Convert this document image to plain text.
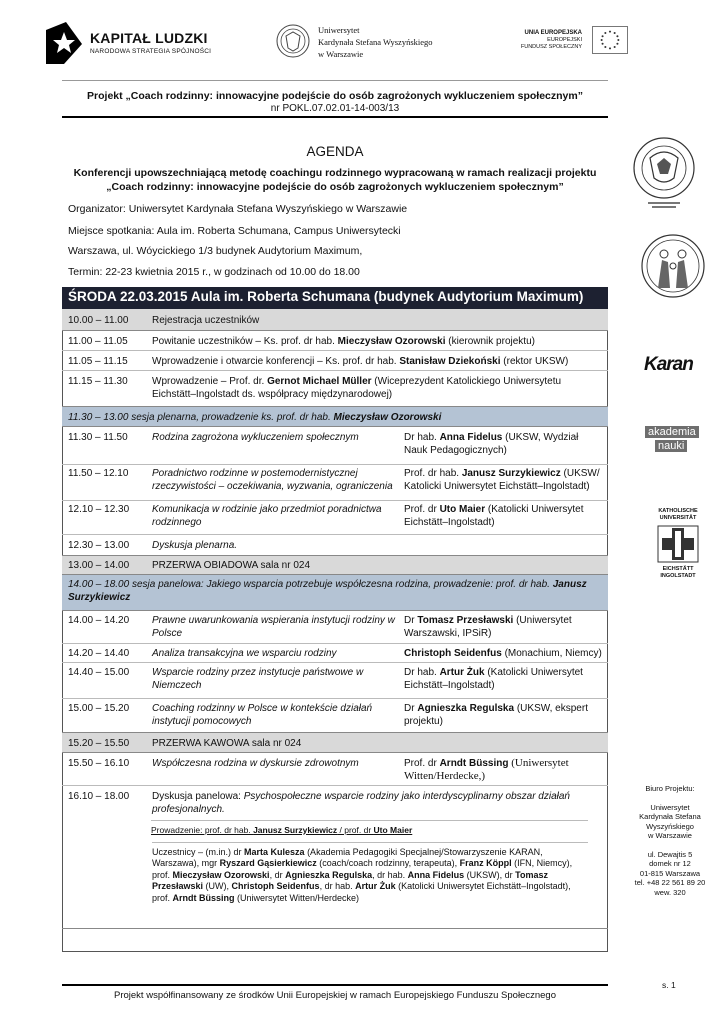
KAPITAŁ LUDZKI
NARODOWA STRATEGIA SPÓJNOŚCI
Uniwersytet
Kardynała Stefana Wyszyńskiego
w Warszawie
UNIA EUROPEJSKA
EUROPEJSKI
FUNDUSZ SPOŁECZNY
Projekt „Coach rodzinny: innowacyjne podejście do osób zagrożonych wykluczeniem społecznym”
nr POKL.07.02.01-14-003/13
AGENDA
Konferencji upowszechniającą metodę coachingu rodzinnego wypracowaną w ramach realizacji projektu
„Coach rodzinny: innowacyjne podejście do osób zagrożonych wykluczeniem społecznym”
Organizator: Uniwersytet Kardynała Stefana Wyszyńskiego w Warszawie
Miejsce spotkania: Aula im. Roberta Schumana, Campus Uniwersytecki
Warszawa, ul. Wóycickiego 1/3 budynek Audytorium Maximum,
Termin: 22-23 kwietnia 2015 r., w godzinach od 10.00 do 18.00
ŚRODA 22.03.2015 Aula im. Roberta Schumana (budynek Audytorium Maximum)		
10.00 – 11.00	Rejestracja uczestników	
11.00 – 11.05	Powitanie uczestników – Ks. prof. dr hab. Mieczysław Ozorowski (kierownik projektu)	
11.05 – 11.15	Wprowadzenie i otwarcie konferencji – Ks. prof. dr hab. Stanisław Dziekoński (rektor UKSW)	
11.15 – 11.30	Wprowadzenie – Prof. dr. Gernot Michael Müller (Wiceprezydent Katolickiego Uniwersytetu Eichstätt–Ingolstadt ds. współpracy międzynarodowej)	
11.30 – 13.00 sesja plenarna, prowadzenie ks. prof. dr hab. Mieczysław Ozorowski		
11.30 – 11.50	Rodzina zagrożona wykluczeniem społecznym	Dr hab. Anna Fidelus (UKSW, Wydział Nauk Pedagogicznych)
11.50 – 12.10	Poradnictwo rodzinne w postemodernistycznej rzeczywistości – oczekiwania, wyzwania, ograniczenia	Prof. dr hab. Janusz Surzykiewicz (UKSW/ Katolicki Uniwersytet Eichstätt–Ingolstadt)
12.10 – 12.30	Komunikacja w rodzinie jako przedmiot poradnictwa rodzinnego	Prof. dr Uto Maier (Katolicki Uniwersytet Eichstätt–Ingolstadt)
12.30 – 13.00	Dyskusja plenarna.	
13.00 – 14.00	PRZERWA OBIADOWA sala nr 024	
14.00 – 18.00 sesja panelowa: Jakiego wsparcia potrzebuje współczesna rodzina, prowadzenie: prof. dr hab. Janusz Surzykiewicz		
14.00 – 14.20	Prawne uwarunkowania wspierania instytucji rodziny w Polsce	Dr Tomasz Przesławski (Uniwersytet Warszawski, IPSiR)
14.20 – 14.40	Analiza transakcyjna we wsparciu rodziny	Christoph Seidenfus (Monachium, Niemcy)
14.40 – 15.00	Wsparcie rodziny przez instytucje państwowe w Niemczech	Dr hab. Artur Żuk (Katolicki Uniwersytet Eichstätt–Ingolstadt)
15.00 – 15.20	Coaching rodzinny w Polsce w kontekście działań instytucji pomocowych	Dr Agnieszka Regulska (UKSW, ekspert projektu)
15.20 – 15.50	PRZERWA KAWOWA sala nr 024	
15.50 – 16.10	Współczesna rodzina w dyskursie zdrowotnym	Prof. dr Arndt Büssing (Uniwersytet Witten/Herdecke,)
16.10 – 18.00	Dyskusja panelowa: Psychospołeczne wsparcie rodziny jako interdyscyplinarny obszar działań profesjonalnych.
Prowadzenie: prof. dr hab. Janusz Surzykiewicz / prof. dr Uto Maier
Uczestnicy – (m.in.) dr Marta Kulesza (Akademia Pedagogiki Specjalnej/Stowarzyszenie KARAN, Warszawa), mgr Ryszard Gąsierkiewicz (coach/coach rodzinny, terapeuta), Franz Köppl (IFN, Niemcy), prof. Mieczysław Ozorowski, dr Agnieszka Regulska, dr hab. Anna Fidelus (UKSW), dr Tomasz Przesławski (UW), Christoph Seidenfus, dr hab. Artur Żuk (Katolicki Uniwersytet Eichstätt–Ingolstadt), prof. Arndt Büssing (Uniwersytet Witten/Herdecke)	
Karan
akademia
nauki
KATHOLISCHE
UNIVERSITÄT
EICHSTÄTT
INGOLSTADT
Biuro Projektu:
Uniwersytet
Kardynała Stefana
Wyszyńskiego
w Warszawie
ul. Dewajtis 5
domek nr 12
01-815 Warszawa
tel. +48 22 561 89 20
wew. 320
s. 1
Projekt współfinansowany ze środków Unii Europejskiej w ramach Europejskiego Funduszu Społecznego
